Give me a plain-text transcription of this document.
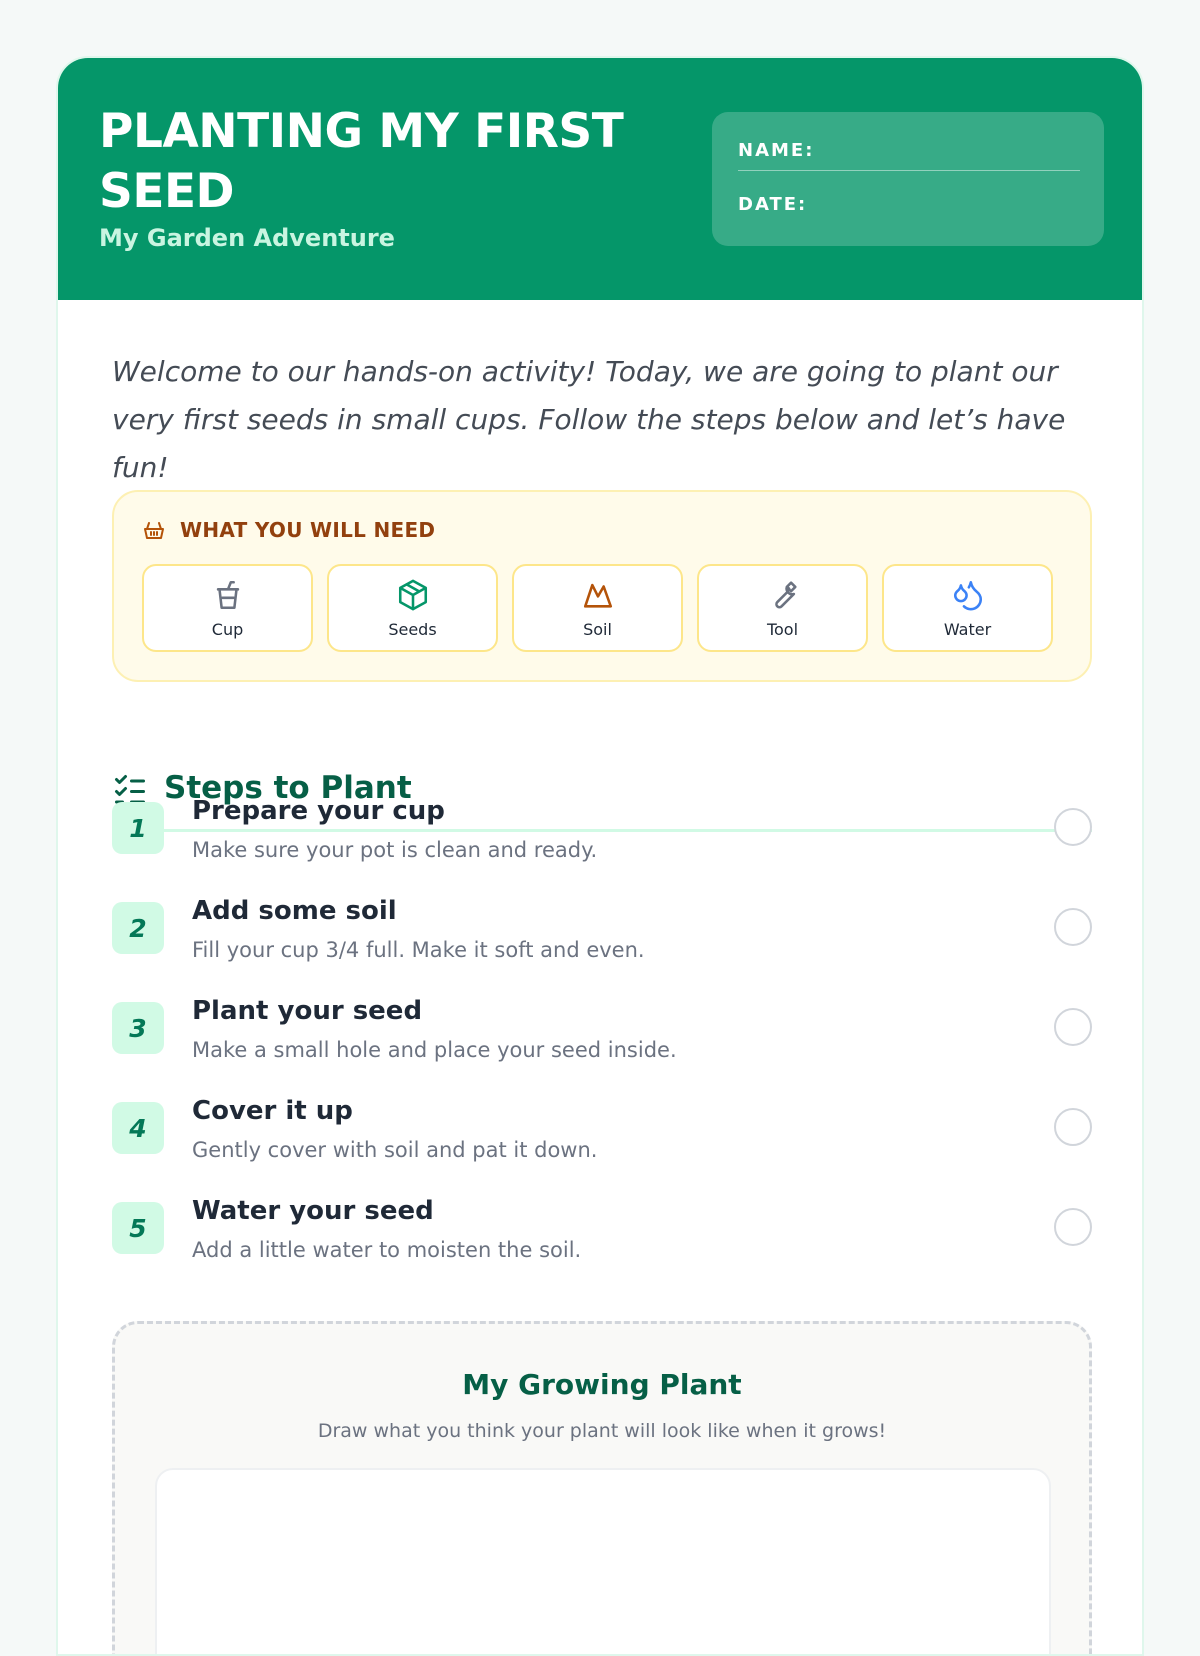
PLANTING MY FIRST SEED
My Garden Adventure
NAME:
DATE:
Welcome to our hands-on activity! Today, we are going to plant our very first seeds in small cups. Follow the steps below and let’s have fun!
WHAT YOU WILL NEED
Cup	Seeds	Soil	Tool	Water
Steps to Plant
1
Prepare your cup
Make sure your pot is clean and ready.
2
Add some soil
Fill your cup 3/4 full. Make it soft and even.
3
Plant your seed
Make a small hole and place your seed inside.
4
Cover it up
Gently cover with soil and pat it down.
5
Water your seed
Add a little water to moisten the soil.
My Growing Plant
Draw what you think your plant will look like when it grows!
